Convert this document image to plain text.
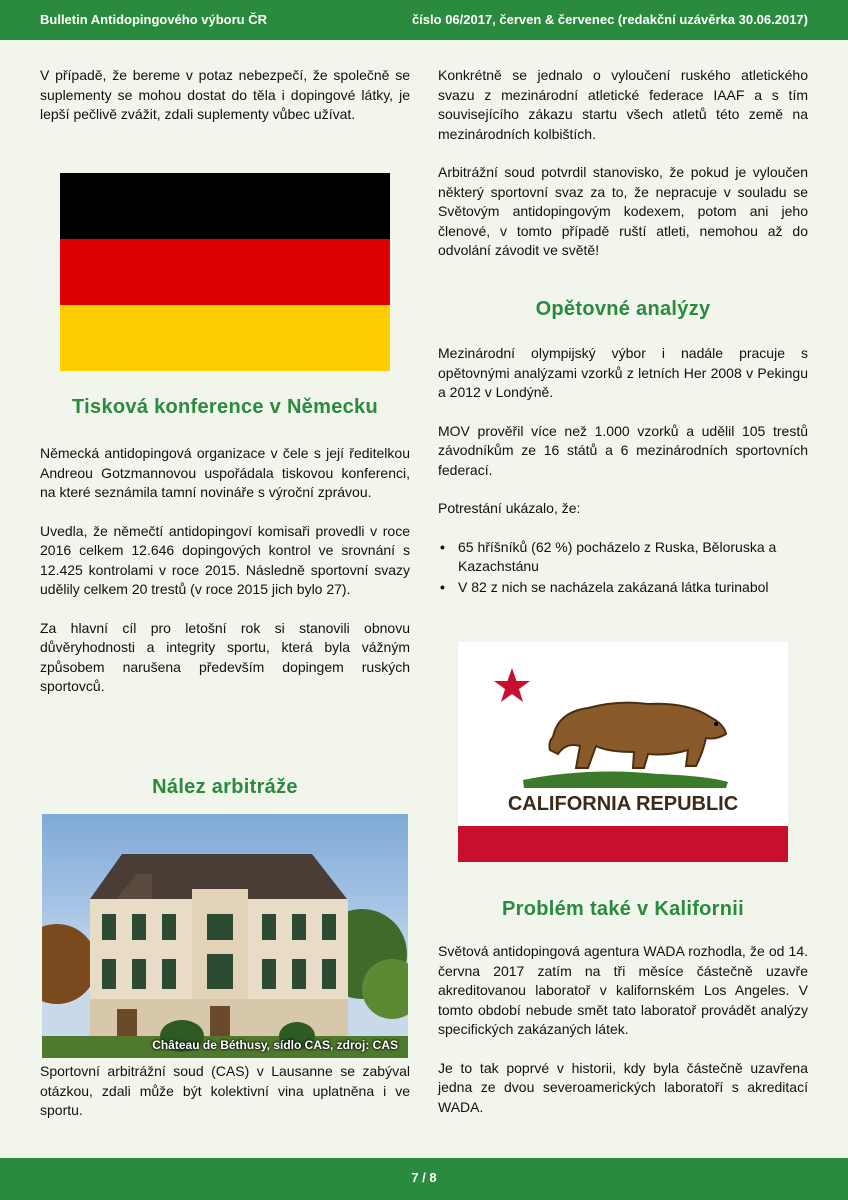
Bulletin Antidopingového výboru ČR	číslo 06/2017, červen & červenec (redakční uzávěrka 30.06.2017)

V případě, že bereme v potaz nebezpečí, že společně se suplementy se mohou dostat do těla i dopingové látky, je lepší pečlivě zvážit, zdali suplementy vůbec užívat.

Tisková konference v Německu

Německá antidopingová organizace v čele s její ředitelkou Andreou Gotzmannovou uspořádala tiskovou konferenci, na které seznámila tamní novináře s výroční zprávou.

Uvedla, že němečtí antidopingoví komisaři provedli v roce 2016 celkem 12.646 dopingových kontrol ve srovnání s 12.425 kontrolami v roce 2015. Následně sportovní svazy udělily celkem 20 trestů (v roce 2015 jich bylo 27).

Za hlavní cíl pro letošní rok si stanovili obnovu důvěryhodnosti a integrity sportu, která byla vážným způsobem narušena především dopingem ruských sportovců.

Nález arbitráže
Château de Béthusy, sídlo CAS, zdroj: CAS

Sportovní arbitrážní soud (CAS) v Lausanne se zabýval otázkou, zdali může být kolektivní vina uplatněna i ve sportu.

Konkrétně se jednalo o vyloučení ruského atletického svazu z mezinárodní atletické federace IAAF a s tím souvisejícího zákazu startu všech atletů této země na mezinárodních kolbištích.

Arbitrážní soud potvrdil stanovisko, že pokud je vyloučen některý sportovní svaz za to, že nepracuje v souladu se Světovým antidopingovým kodexem, potom ani jeho členové, v tomto případě ruští atleti, nemohou až do odvolání závodit ve světě!

Opětovné analýzy

Mezinárodní olympijský výbor i nadále pracuje s opětovnými analýzami vzorků z letních Her 2008 v Pekingu a 2012 v Londýně.

MOV prověřil více než 1.000 vzorků a udělil 105 trestů závodníkům ze 16 států a 6 mezinárodních sportovních federací.

Potrestání ukázalo, že:

• 65 hříšníků (62 %) pocházelo z Ruska, Běloruska a Kazachstánu
• V 82 z nich se nacházela zakázaná látka turinabol
CALIFORNIA REPUBLIC
Problém také v Kalifornii

Světová antidopingová agentura WADA rozhodla, že od 14. června 2017 zatím na tři měsíce částečně uzavře akreditovanou laboratoř v kalifornském Los Angeles. V tomto období nebude smět tato laboratoř provádět analýzy specifických zakázaných látek.

Je to tak poprvé v historii, kdy byla částečně uzavřena jedna ze dvou severoamerických laboratoří s akreditací WADA.

7 / 8
